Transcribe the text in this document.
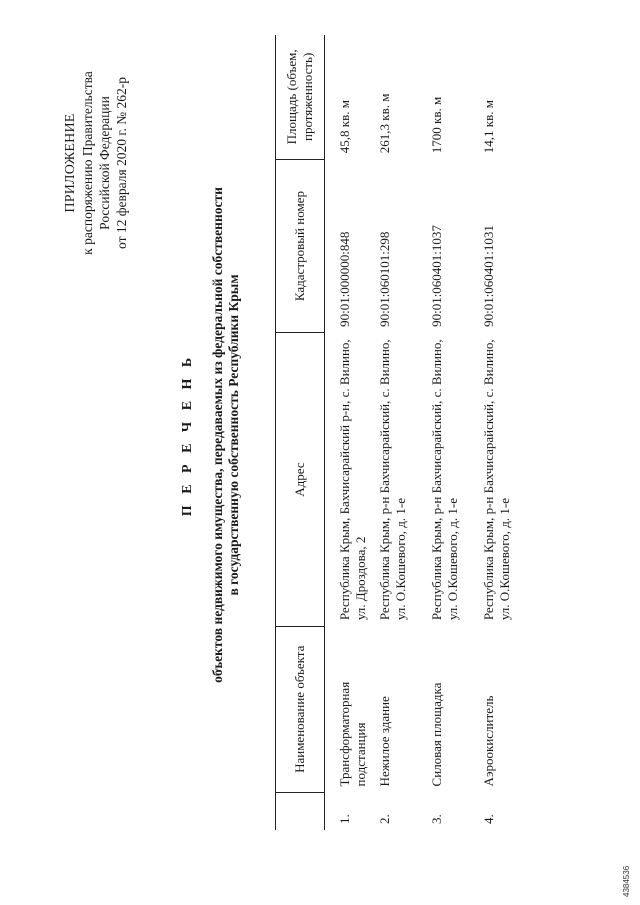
ПРИЛОЖЕНИЕ к распоряжению Правительства Российской Федерации от 12 февраля 2020 г. № 262-р
П Е Р Е Ч Е Н Ь объектов недвижимого имущества, передаваемых из федеральной собственности в государственную собственность Республики Крым
	Наименование объекта	Адрес	Кадастровый номер	Площадь (объем, протяженность)
1.	Трансформаторная подстанция	Республика Крым, Бахчисарайский р-н, с. Вилино, ул. Дроздова, 2	90:01:000000:848	45,8 кв. м
2.	Нежилое здание	Республика Крым, р-н Бахчисарайский, с. Вилино, ул. О.Кошевого, д. 1-е	90:01:060101:298	261,3 кв. м
3.	Силовая площадка	Республика Крым, р-н Бахчисарайский, с. Вилино, ул. О.Кошевого, д. 1-е	90:01:060401:1037	1700 кв. м
4.	Аэроокислитель	Республика Крым, р-н Бахчисарайский, с. Вилино, ул. О.Кошевого, д. 1-е	90:01:060401:1031	14,1 кв. м
4384536
